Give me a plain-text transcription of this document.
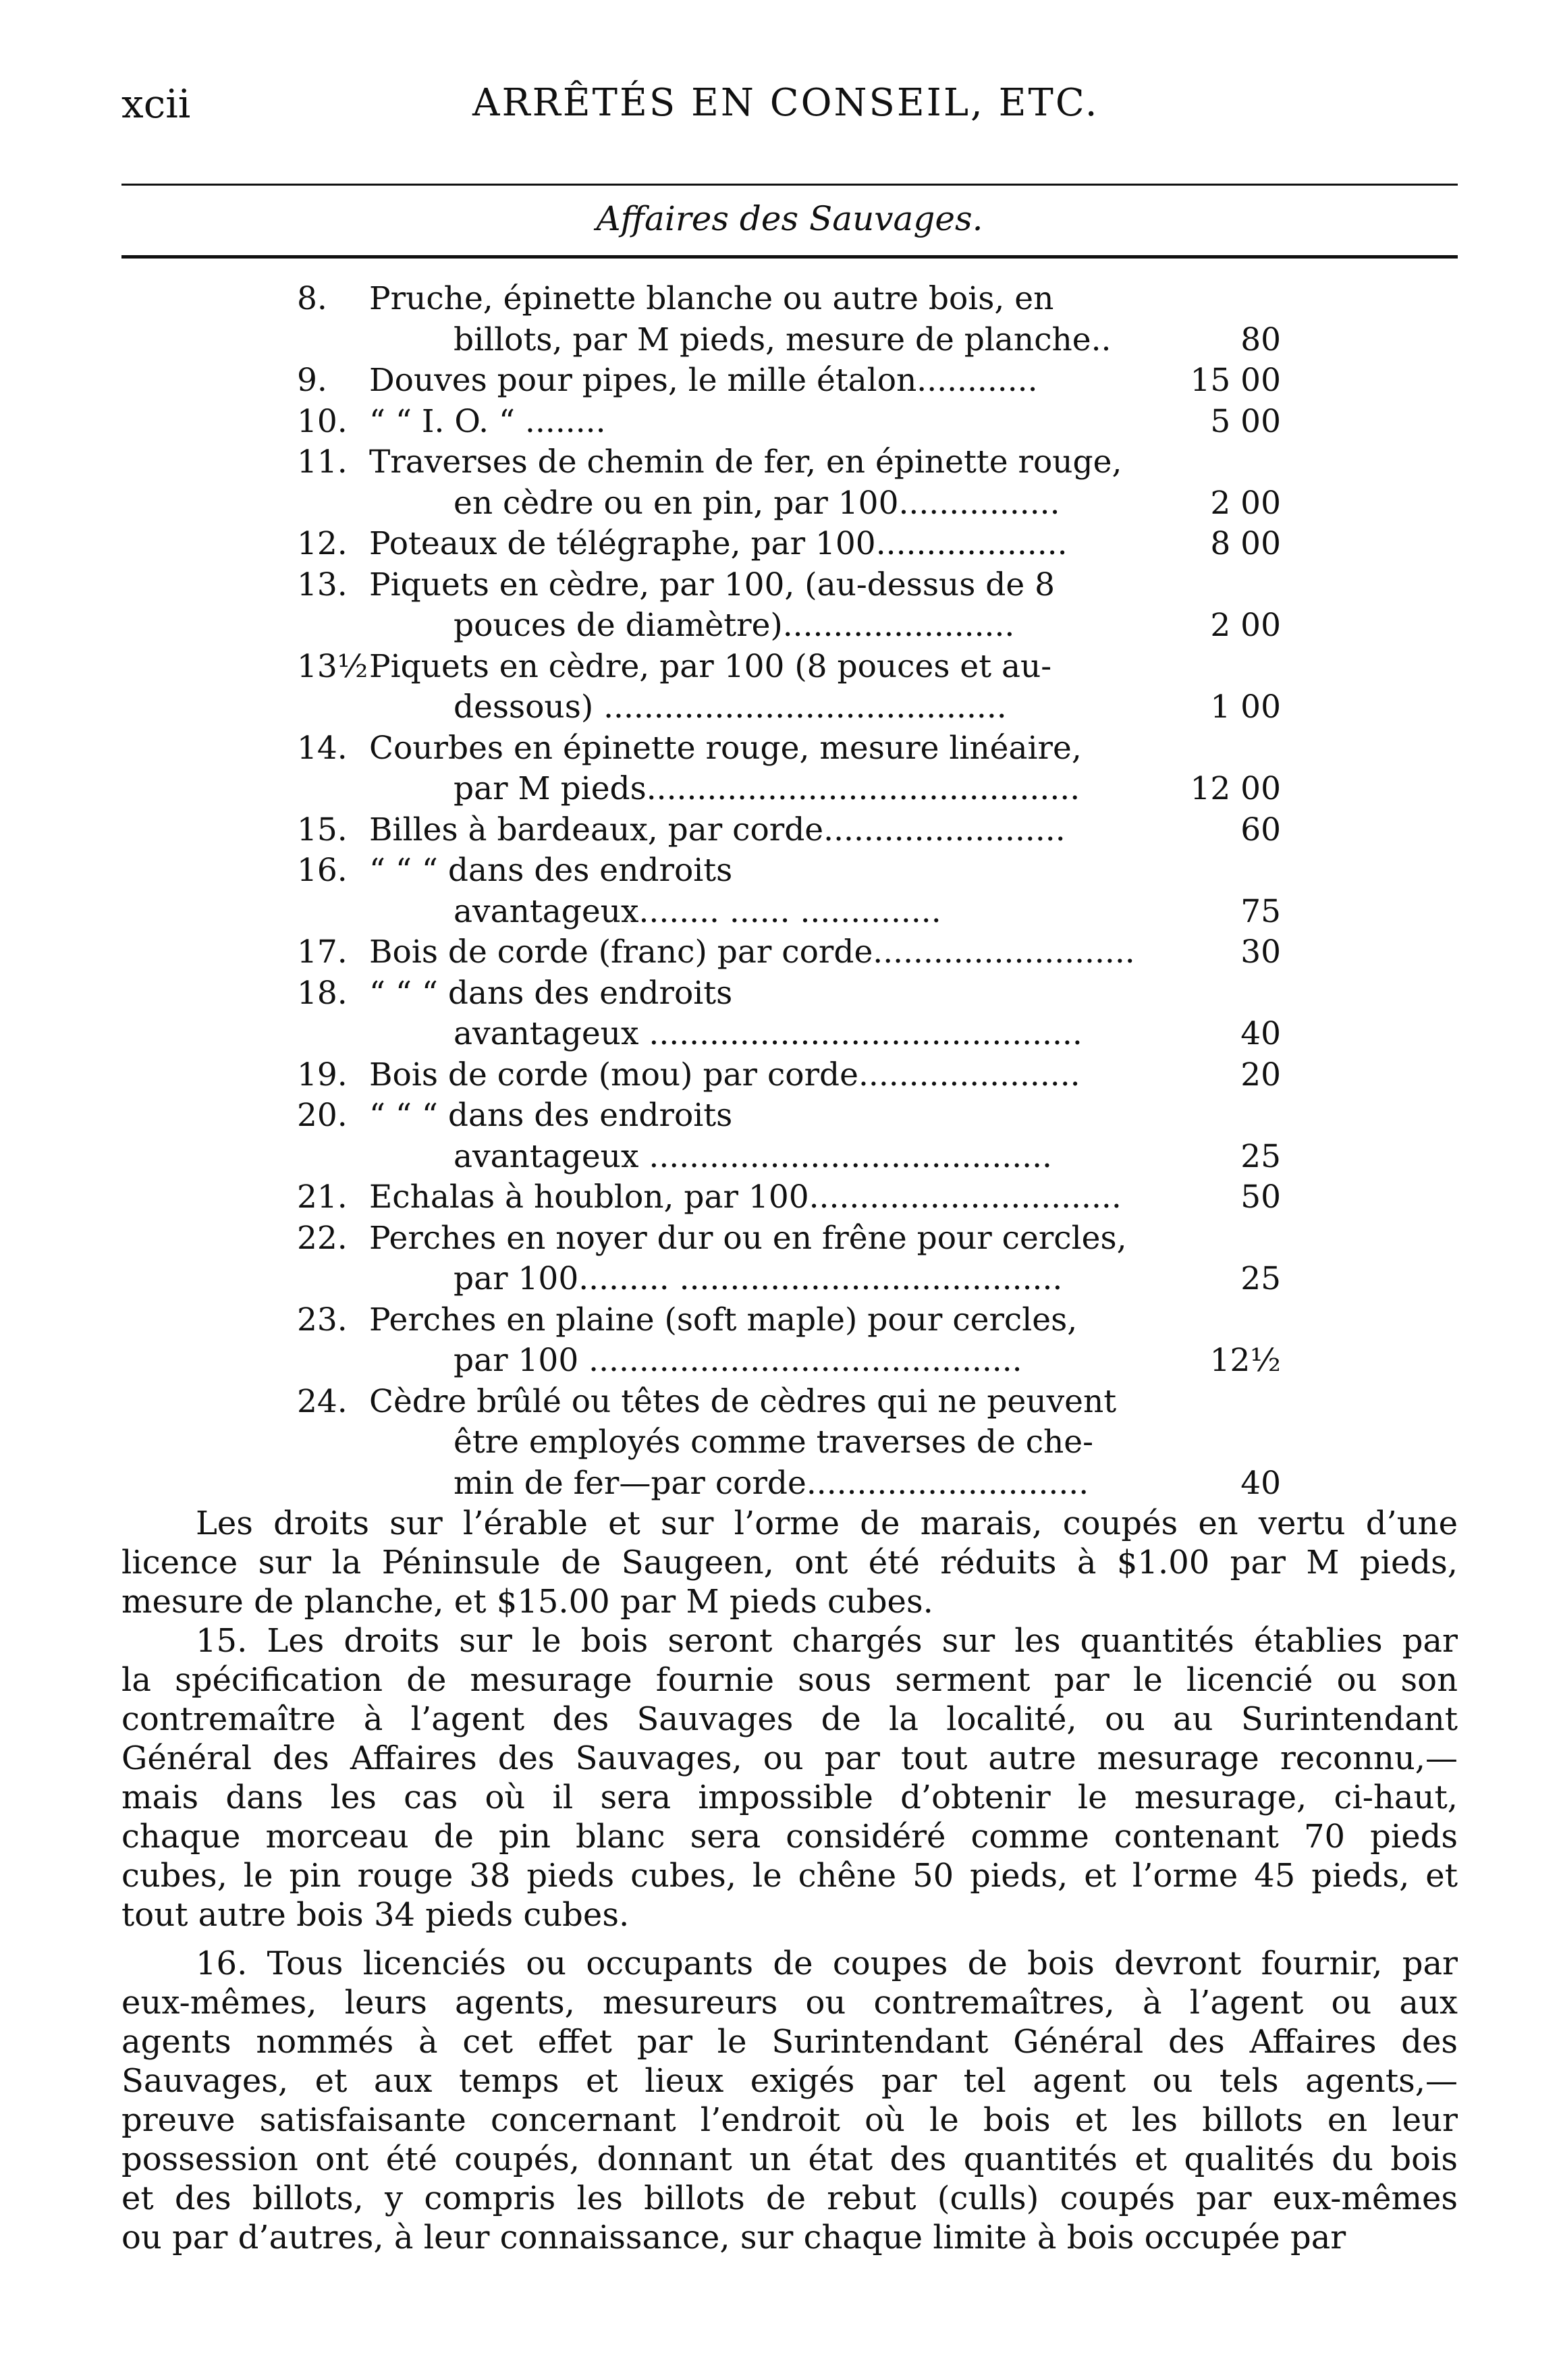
xcii	ARRÊTÉS EN CONSEIL, ETC.
Affaires des Sauvages.
8.	Pruche, épinette blanche ou autre bois, en
billots, par M pieds, mesure de planche..	80
9.	Douves pour pipes, le mille étalon............	15 00
10. “ “ I. O. “ ........	5 00
11. Traverses de chemin de fer, en épinette rouge,
en cèdre ou en pin, par 100................	2 00
12. Poteaux de télégraphe, par 100...................	8 00
13. Piquets en cèdre, par 100, (au-dessus de 8
pouces de diamètre).......................	2 00
13½ Piquets en cèdre, par 100 (8 pouces et au-
dessous) ........................................	1 00
14. Courbes en épinette rouge, mesure linéaire,
par M pieds...........................................	12 00
15. Billes à bardeaux, par corde........................	60
16. “ “ “ dans des endroits
avantageux........ ...... ..............	75
17. Bois de corde (franc) par corde..........................	30
18. “ “ “ dans des endroits
avantageux ...........................................	40
19. Bois de corde (mou) par corde......................	20
20. “ “ “ dans des endroits
avantageux ........................................	25
21. Echalas à houblon, par 100...............................	50
22. Perches en noyer dur ou en frêne pour cercles,
par 100......... ......................................	25
23. Perches en plaine (soft maple) pour cercles,
par 100 ...........................................	12½
24. Cèdre brûlé ou têtes de cèdres qui ne peuvent
être employés comme traverses de che-
min de fer—par corde............................	40
Les droits sur l’érable et sur l’orme de marais, coupés en vertu d’une
licence sur la Péninsule de Saugeen, ont été réduits à $1.00 par M pieds,
mesure de planche, et $15.00 par M pieds cubes.
15. Les droits sur le bois seront chargés sur les quantités établies par
la spécification de mesurage fournie sous serment par le licencié ou son
contremaître à l’agent des Sauvages de la localité, ou au Surintendant
Général des Affaires des Sauvages, ou par tout autre mesurage reconnu,—
mais dans les cas où il sera impossible d’obtenir le mesurage, ci-haut,
chaque morceau de pin blanc sera considéré comme contenant 70 pieds
cubes, le pin rouge 38 pieds cubes, le chêne 50 pieds, et l’orme 45 pieds, et
tout autre bois 34 pieds cubes.
16. Tous licenciés ou occupants de coupes de bois devront fournir, par
eux-mêmes, leurs agents, mesureurs ou contremaîtres, à l’agent ou aux
agents nommés à cet effet par le Surintendant Général des Affaires des
Sauvages, et aux temps et lieux exigés par tel agent ou tels agents,—
preuve satisfaisante concernant l’endroit où le bois et les billots en leur
possession ont été coupés, donnant un état des quantités et qualités du bois
et des billots, y compris les billots de rebut (culls) coupés par eux-mêmes
ou par d’autres, à leur connaissance, sur chaque limite à bois occupée par
